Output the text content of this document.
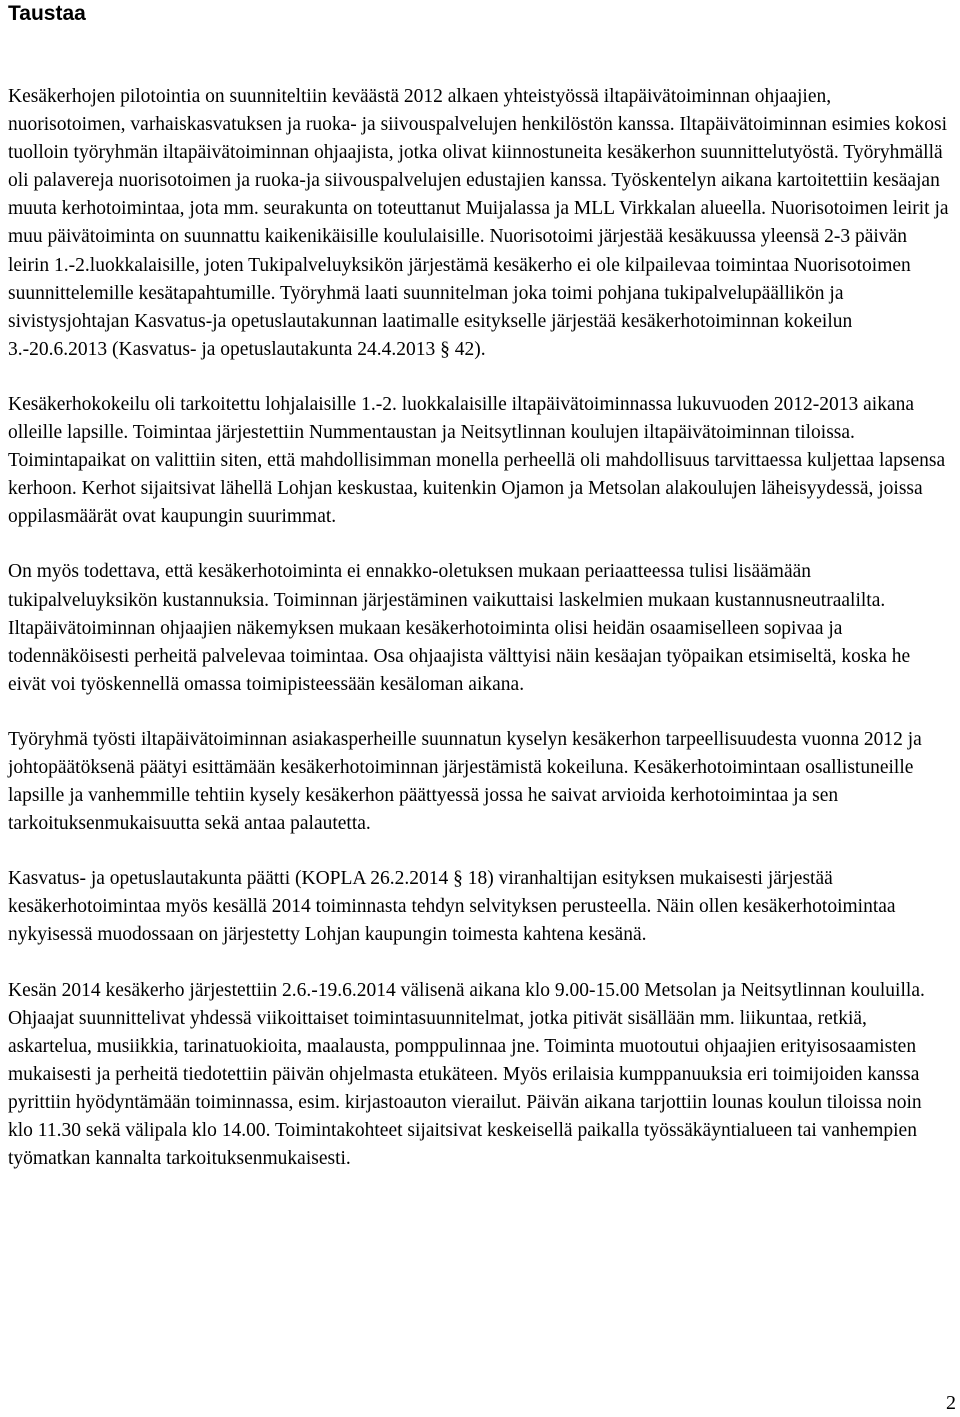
Taustaa

Kesäkerhojen pilotointia on suunniteltiin keväästä 2012 alkaen yhteistyössä iltapäivätoiminnan ohjaajien, nuorisotoimen, varhaiskasvatuksen ja ruoka- ja siivouspalvelujen henkilöstön kanssa. Iltapäivätoiminnan esimies kokosi tuolloin työryhmän iltapäivätoiminnan ohjaajista, jotka olivat kiinnostuneita kesäkerhon suunnittelutyöstä. Työryhmällä oli palavereja nuorisotoimen ja ruoka-ja siivouspalvelujen edustajien kanssa. Työskentelyn aikana kartoitettiin kesäajan muuta kerhotoimintaa, jota mm. seurakunta on toteuttanut Muijalassa ja MLL Virkkalan alueella. Nuorisotoimen leirit ja muu päivätoiminta on suunnattu kaikenikäisille koululaisille. Nuorisotoimi järjestää kesäkuussa yleensä 2-3 päivän leirin 1.-2.luokkalaisille, joten Tukipalveluyksikön järjestämä kesäkerho ei ole kilpailevaa toimintaa Nuorisotoimen suunnittelemille kesätapahtumille. Työryhmä laati suunnitelman joka toimi pohjana tukipalvelupäällikön ja sivistysjohtajan Kasvatus-ja opetuslautakunnan laatimalle esitykselle järjestää kesäkerhotoiminnan kokeilun 3.-20.6.2013 (Kasvatus- ja opetuslautakunta 24.4.2013 § 42).

Kesäkerhokokeilu oli tarkoitettu lohjalaisille 1.-2. luokkalaisille iltapäivätoiminnassa lukuvuoden 2012-2013 aikana olleille lapsille. Toimintaa järjestettiin Nummentaustan ja Neitsytlinnan koulujen iltapäivätoiminnan tiloissa. Toimintapaikat on valittiin siten, että mahdollisimman monella perheellä oli mahdollisuus tarvittaessa kuljettaa lapsensa kerhoon. Kerhot sijaitsivat lähellä Lohjan keskustaa, kuitenkin Ojamon ja Metsolan alakoulujen läheisyydessä, joissa oppilasmäärät ovat kaupungin suurimmat.

On myös todettava, että kesäkerhotoiminta ei ennakko-oletuksen mukaan periaatteessa tulisi lisäämään tukipalveluyksikön kustannuksia. Toiminnan järjestäminen vaikuttaisi laskelmien mukaan kustannusneutraalilta. Iltapäivätoiminnan ohjaajien näkemyksen mukaan kesäkerhotoiminta olisi heidän osaamiselleen sopivaa ja todennäköisesti perheitä palvelevaa toimintaa. Osa ohjaajista välttyisi näin kesäajan työpaikan etsimiseltä, koska he eivät voi työskennellä omassa toimipisteessään kesäloman aikana.

Työryhmä työsti iltapäivätoiminnan asiakasperheille suunnatun kyselyn kesäkerhon tarpeellisuudesta vuonna 2012 ja johtopäätöksenä päätyi esittämään kesäkerhotoiminnan järjestämistä kokeiluna. Kesäkerhotoimintaan osallistuneille lapsille ja vanhemmille tehtiin kysely kesäkerhon päättyessä jossa he saivat arvioida kerhotoimintaa ja sen tarkoituksenmukaisuutta sekä antaa palautetta.

Kasvatus- ja opetuslautakunta päätti (KOPLA 26.2.2014 § 18) viranhaltijan esityksen mukaisesti järjestää kesäkerhotoimintaa myös kesällä 2014 toiminnasta tehdyn selvityksen perusteella. Näin ollen kesäkerhotoimintaa nykyisessä muodossaan on järjestetty Lohjan kaupungin toimesta kahtena kesänä.

Kesän 2014 kesäkerho järjestettiin 2.6.-19.6.2014 välisenä aikana klo 9.00-15.00 Metsolan ja Neitsytlinnan kouluilla. Ohjaajat suunnittelivat yhdessä viikoittaiset toimintasuunnitelmat, jotka pitivät sisällään mm. liikuntaa, retkiä, askartelua, musiikkia, tarinatuokioita, maalausta, pomppulinnaa jne. Toiminta muotoutui ohjaajien erityisosaamisten mukaisesti ja perheitä tiedotettiin päivän ohjelmasta etukäteen. Myös erilaisia kumppanuuksia eri toimijoiden kanssa pyrittiin hyödyntämään toiminnassa, esim. kirjastoauton vierailut. Päivän aikana tarjottiin lounas koulun tiloissa noin klo 11.30 sekä välipala klo 14.00. Toimintakohteet sijaitsivat keskeisellä paikalla työssäkäyntialueen tai vanhempien työmatkan kannalta tarkoituksenmukaisesti.

2
